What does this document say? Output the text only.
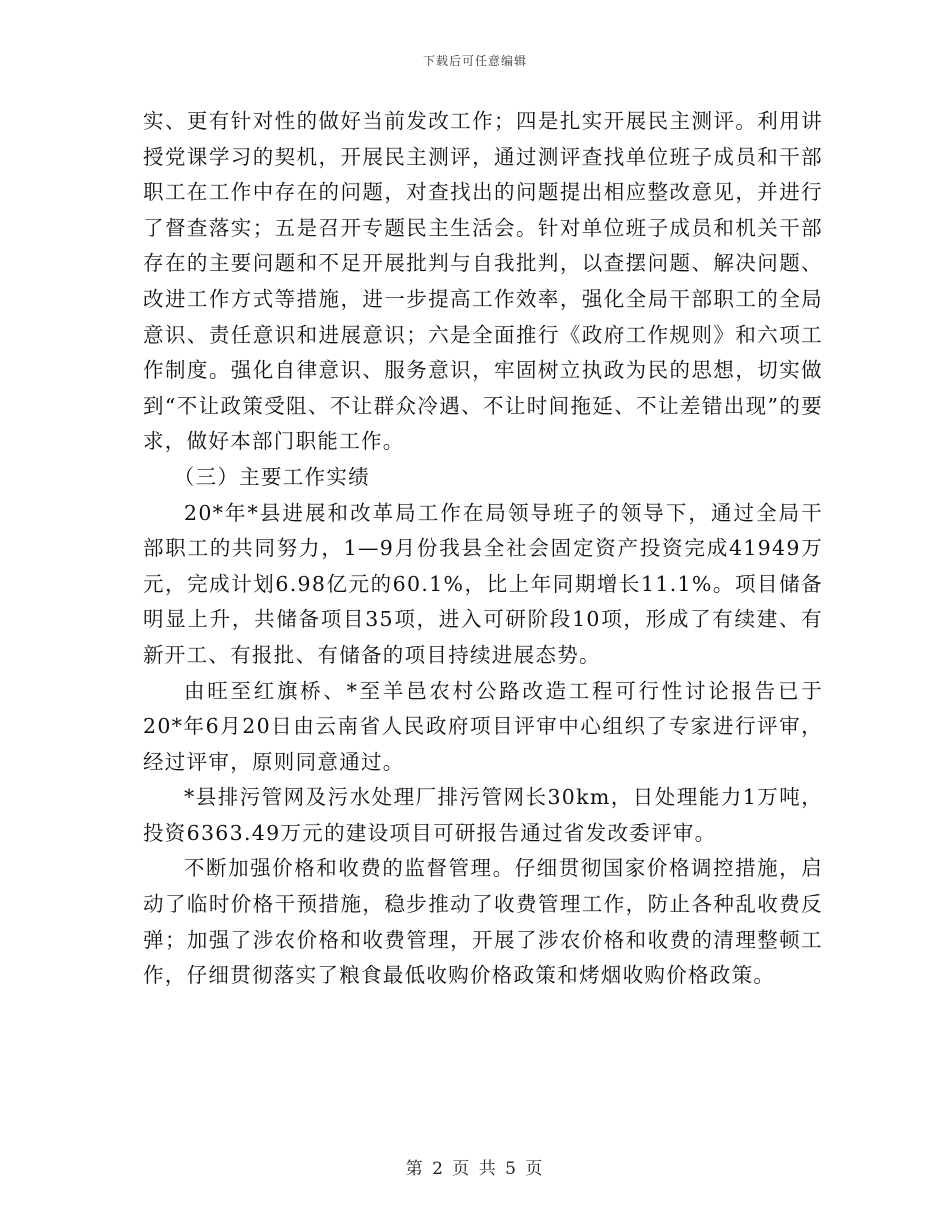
下载后可任意编辑

实、更有针对性的做好当前发改工作；四是扎实开展民主测评。利用讲授党课学习的契机，开展民主测评，通过测评查找单位班子成员和干部职工在工作中存在的问题，对查找出的问题提出相应整改意见，并进行了督查落实；五是召开专题民主生活会。针对单位班子成员和机关干部存在的主要问题和不足开展批判与自我批判，以查摆问题、解决问题、改进工作方式等措施，进一步提高工作效率，强化全局干部职工的全局意识、责任意识和进展意识；六是全面推行《政府工作规则》和六项工作制度。强化自律意识、服务意识，牢固树立执政为民的思想，切实做到“不让政策受阻、不让群众冷遇、不让时间拖延、不让差错出现”的要求，做好本部门职能工作。

（三）主要工作实绩

20*年*县进展和改革局工作在局领导班子的领导下，通过全局干部职工的共同努力，1—9月份我县全社会固定资产投资完成41949万元，完成计划6.98亿元的60.1%，比上年同期增长11.1%。项目储备明显上升，共储备项目35项，进入可研阶段10项，形成了有续建、有新开工、有报批、有储备的项目持续进展态势。

由旺至红旗桥、*至羊邑农村公路改造工程可行性讨论报告已于20*年6月20日由云南省人民政府项目评审中心组织了专家进行评审，经过评审，原则同意通过。

*县排污管网及污水处理厂排污管网长30km，日处理能力1万吨，投资6363.49万元的建设项目可研报告通过省发改委评审。

不断加强价格和收费的监督管理。仔细贯彻国家价格调控措施，启动了临时价格干预措施，稳步推动了收费管理工作，防止各种乱收费反弹；加强了涉农价格和收费管理，开展了涉农价格和收费的清理整顿工作，仔细贯彻落实了粮食最低收购价格政策和烤烟收购价格政策。

第 2 页 共 5 页
